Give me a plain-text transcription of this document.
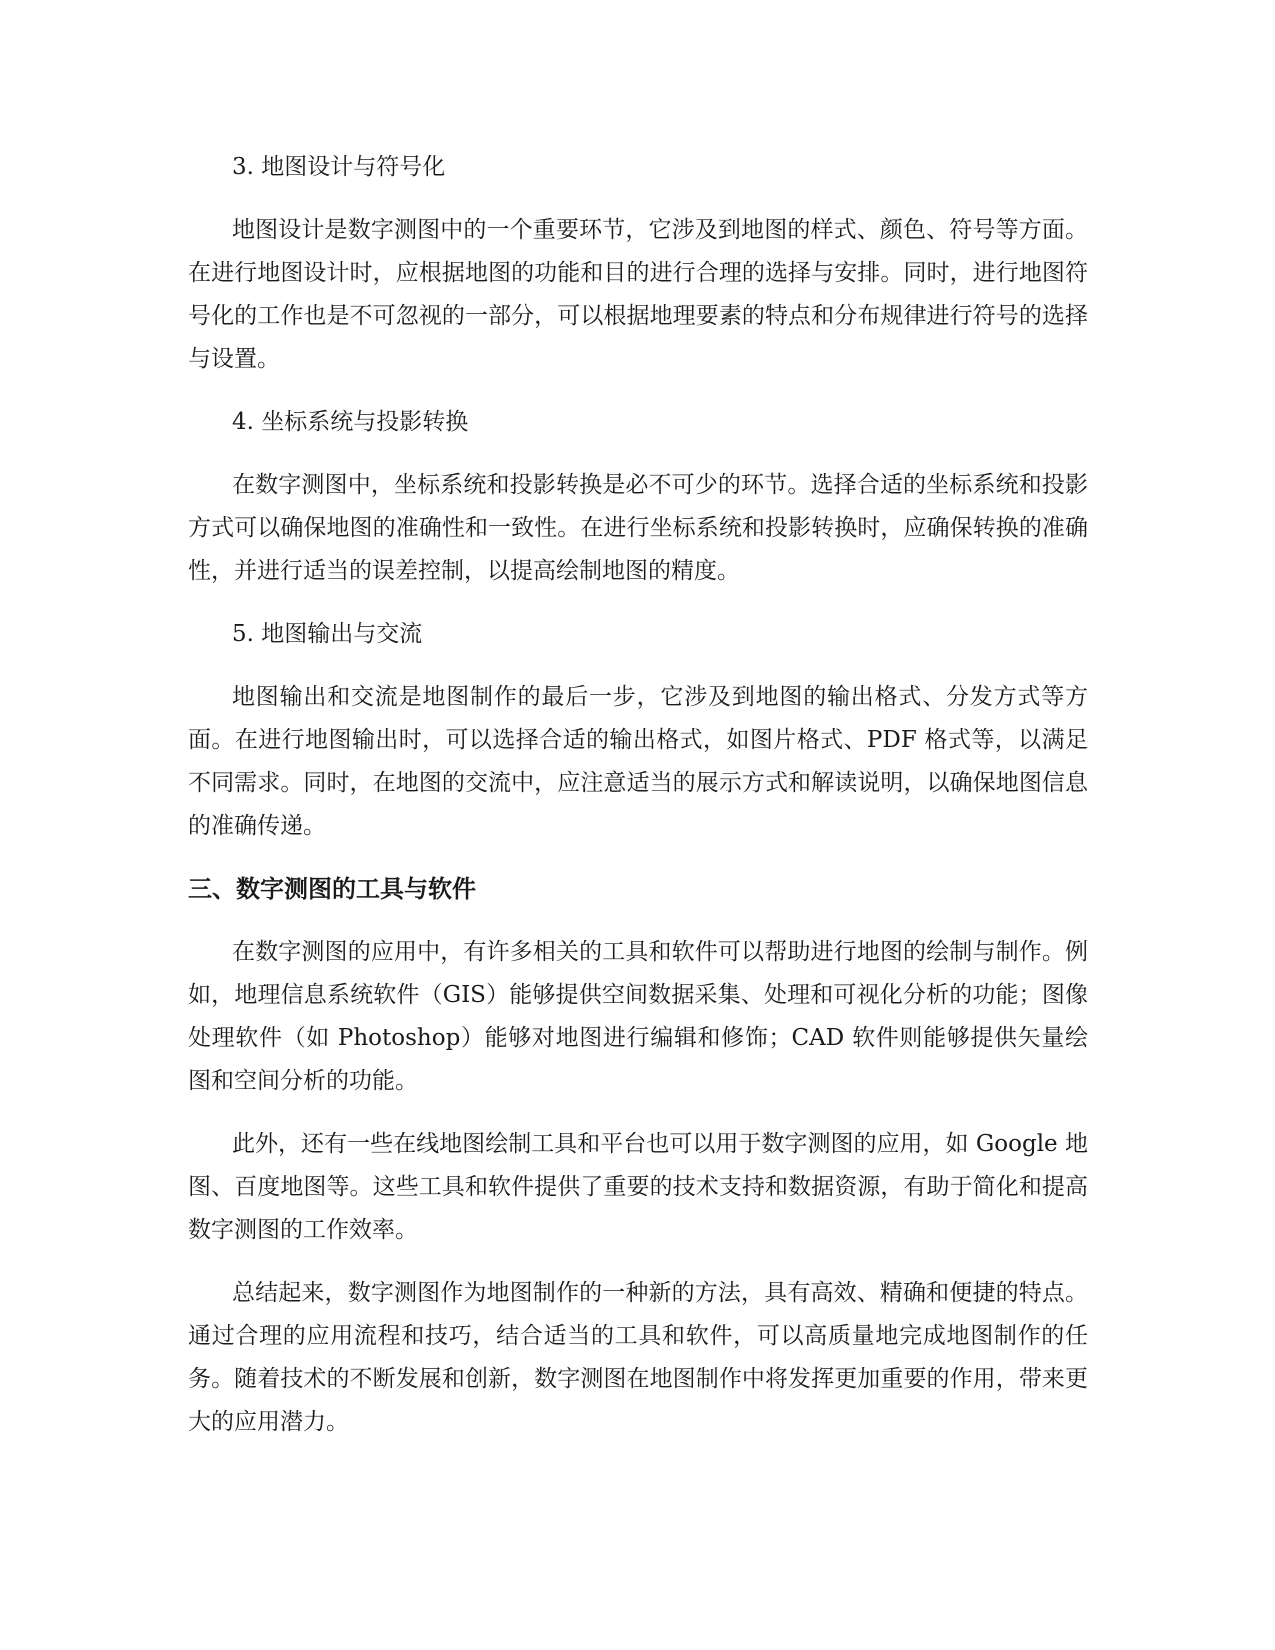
3. 地图设计与符号化

地图设计是数字测图中的一个重要环节，它涉及到地图的样式、颜色、符号等方面。在进行地图设计时，应根据地图的功能和目的进行合理的选择与安排。同时，进行地图符号化的工作也是不可忽视的一部分，可以根据地理要素的特点和分布规律进行符号的选择与设置。

4. 坐标系统与投影转换

在数字测图中，坐标系统和投影转换是必不可少的环节。选择合适的坐标系统和投影方式可以确保地图的准确性和一致性。在进行坐标系统和投影转换时，应确保转换的准确性，并进行适当的误差控制，以提高绘制地图的精度。

5. 地图输出与交流

地图输出和交流是地图制作的最后一步，它涉及到地图的输出格式、分发方式等方面。在进行地图输出时，可以选择合适的输出格式，如图片格式、PDF 格式等，以满足不同需求。同时，在地图的交流中，应注意适当的展示方式和解读说明，以确保地图信息的准确传递。

三、数字测图的工具与软件

在数字测图的应用中，有许多相关的工具和软件可以帮助进行地图的绘制与制作。例如，地理信息系统软件（GIS）能够提供空间数据采集、处理和可视化分析的功能；图像处理软件（如 Photoshop）能够对地图进行编辑和修饰；CAD 软件则能够提供矢量绘图和空间分析的功能。

此外，还有一些在线地图绘制工具和平台也可以用于数字测图的应用，如 Google 地图、百度地图等。这些工具和软件提供了重要的技术支持和数据资源，有助于简化和提高数字测图的工作效率。

总结起来，数字测图作为地图制作的一种新的方法，具有高效、精确和便捷的特点。通过合理的应用流程和技巧，结合适当的工具和软件，可以高质量地完成地图制作的任务。随着技术的不断发展和创新，数字测图在地图制作中将发挥更加重要的作用，带来更大的应用潜力。
